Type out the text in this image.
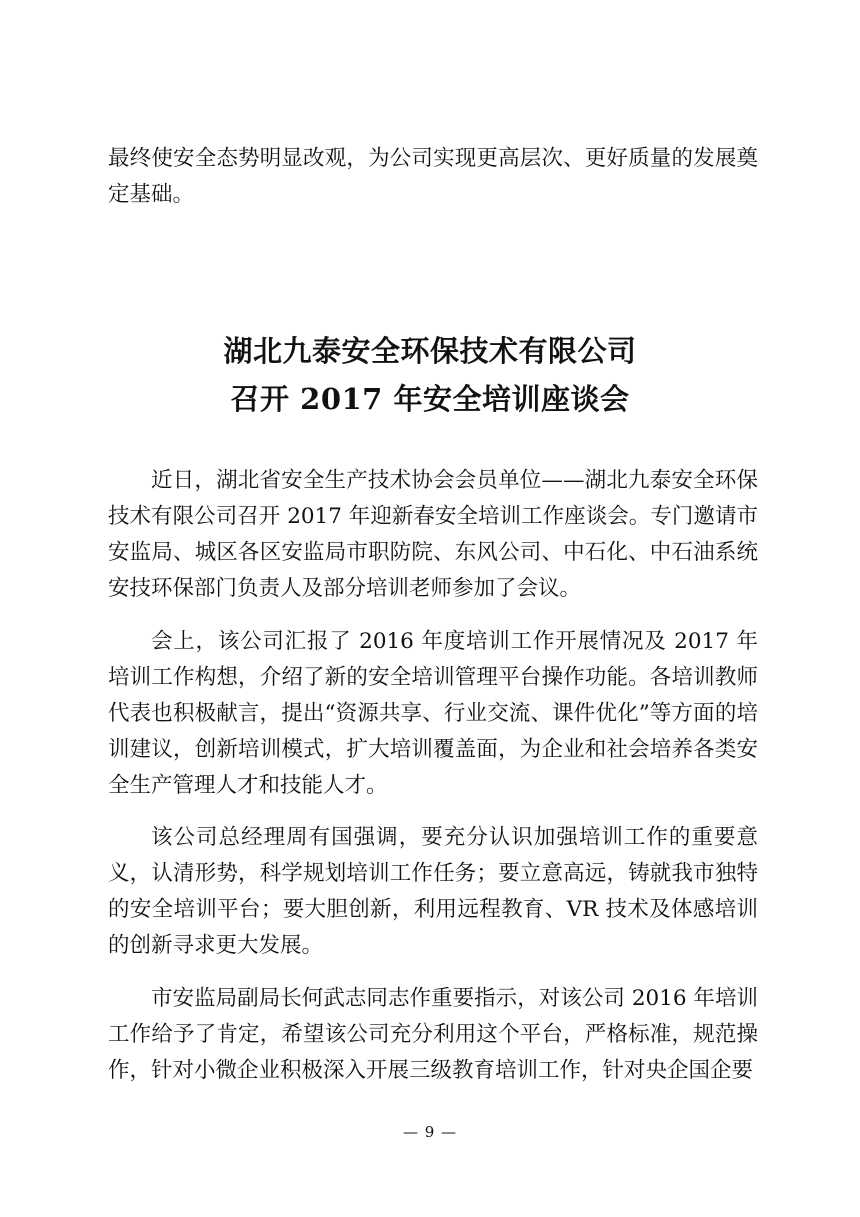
最终使安全态势明显改观，为公司实现更高层次、更好质量的发展奠定基础。

湖北九泰安全环保技术有限公司
召开 2017 年安全培训座谈会

近日，湖北省安全生产技术协会会员单位——湖北九泰安全环保技术有限公司召开 2017 年迎新春安全培训工作座谈会。专门邀请市安监局、城区各区安监局市职防院、东风公司、中石化、中石油系统安技环保部门负责人及部分培训老师参加了会议。

会上，该公司汇报了 2016 年度培训工作开展情况及 2017 年培训工作构想，介绍了新的安全培训管理平台操作功能。各培训教师代表也积极献言，提出“资源共享、行业交流、课件优化”等方面的培训建议，创新培训模式，扩大培训覆盖面，为企业和社会培养各类安全生产管理人才和技能人才。

该公司总经理周有国强调，要充分认识加强培训工作的重要意义，认清形势，科学规划培训工作任务；要立意高远，铸就我市独特的安全培训平台；要大胆创新，利用远程教育、VR 技术及体感培训的创新寻求更大发展。

市安监局副局长何武志同志作重要指示，对该公司 2016 年培训工作给予了肯定，希望该公司充分利用这个平台，严格标准，规范操作，针对小微企业积极深入开展三级教育培训工作，针对央企国企要

— 9 —
